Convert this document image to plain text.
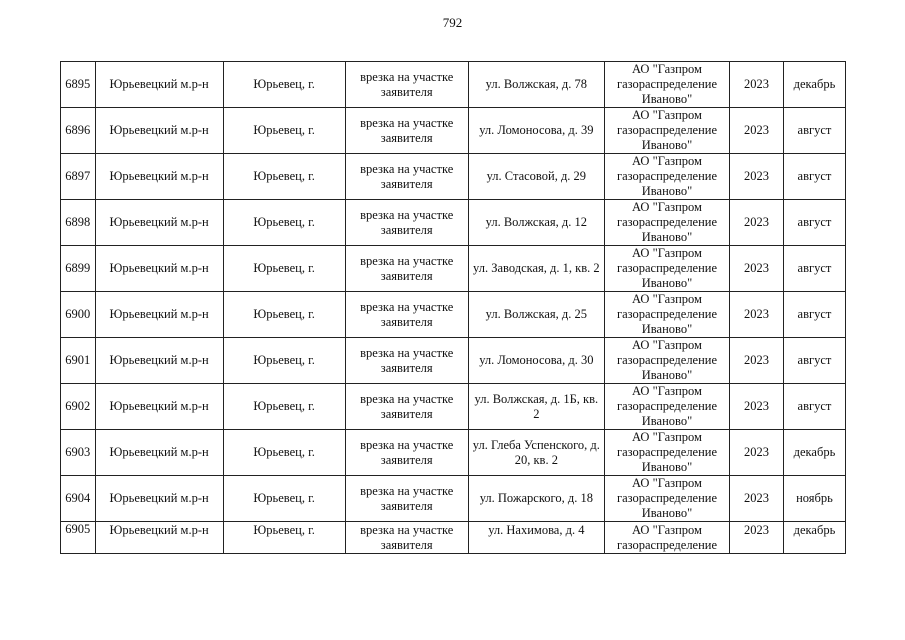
792
6895	Юрьевецкий м.р-н	Юрьевец, г.	врезка на участке заявителя	ул. Волжская, д. 78	АО "Газпром газораспределение Иваново"	2023	декабрь
6896	Юрьевецкий м.р-н	Юрьевец, г.	врезка на участке заявителя	ул. Ломоносова, д. 39	АО "Газпром газораспределение Иваново"	2023	август
6897	Юрьевецкий м.р-н	Юрьевец, г.	врезка на участке заявителя	ул. Стасовой, д. 29	АО "Газпром газораспределение Иваново"	2023	август
6898	Юрьевецкий м.р-н	Юрьевец, г.	врезка на участке заявителя	ул. Волжская, д. 12	АО "Газпром газораспределение Иваново"	2023	август
6899	Юрьевецкий м.р-н	Юрьевец, г.	врезка на участке заявителя	ул. Заводская, д. 1, кв. 2	АО "Газпром газораспределение Иваново"	2023	август
6900	Юрьевецкий м.р-н	Юрьевец, г.	врезка на участке заявителя	ул. Волжская, д. 25	АО "Газпром газораспределение Иваново"	2023	август
6901	Юрьевецкий м.р-н	Юрьевец, г.	врезка на участке заявителя	ул. Ломоносова, д. 30	АО "Газпром газораспределение Иваново"	2023	август
6902	Юрьевецкий м.р-н	Юрьевец, г.	врезка на участке заявителя	ул. Волжская, д. 1Б, кв. 2	АО "Газпром газораспределение Иваново"	2023	август
6903	Юрьевецкий м.р-н	Юрьевец, г.	врезка на участке заявителя	ул. Глеба Успенского, д. 20, кв. 2	АО "Газпром газораспределение Иваново"	2023	декабрь
6904	Юрьевецкий м.р-н	Юрьевец, г.	врезка на участке заявителя	ул. Пожарского, д. 18	АО "Газпром газораспределение Иваново"	2023	ноябрь
6905	Юрьевецкий м.р-н	Юрьевец, г.	врезка на участке заявителя	ул. Нахимова, д. 4	АО "Газпром газораспределение	2023	декабрь
